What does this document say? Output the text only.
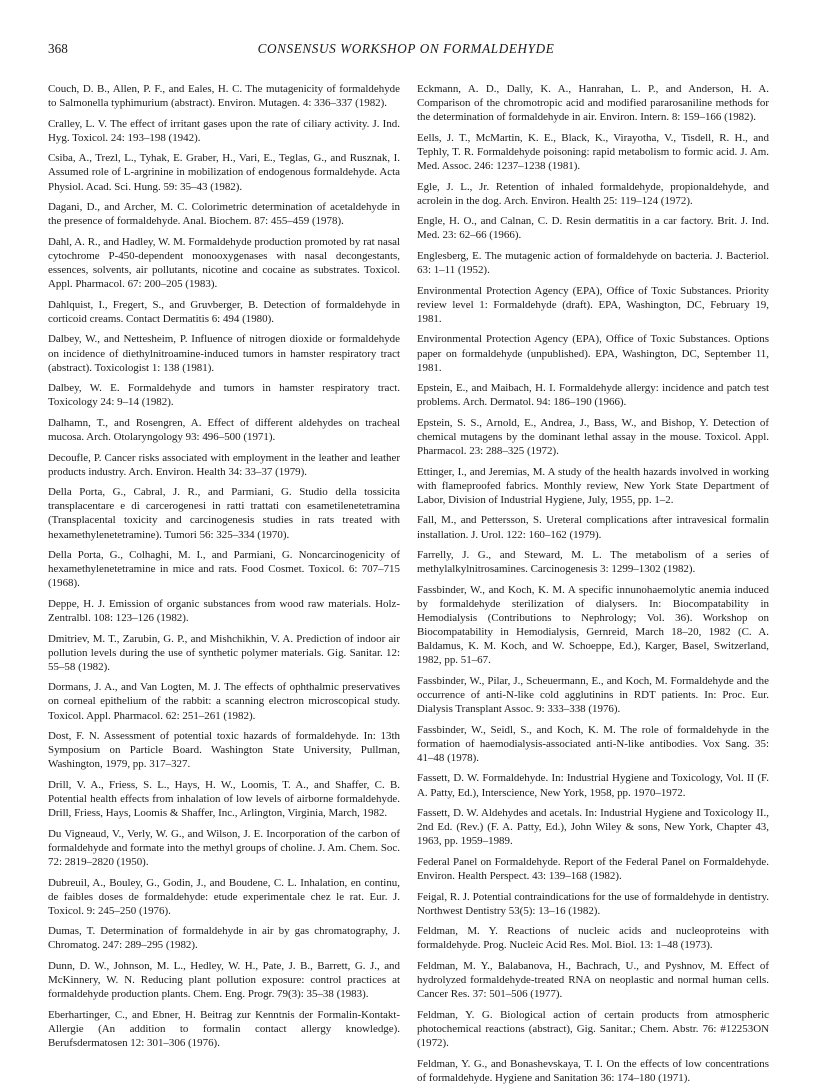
368	CONSENSUS WORKSHOP ON FORMALDEHYDE

Couch, D. B., Allen, P. F., and Eales, H. C. The mutagenicity of formaldehyde to Salmonella typhimurium (abstract). Environ. Mutagen. 4: 336–337 (1982).

Cralley, L. V. The effect of irritant gases upon the rate of ciliary activity. J. Ind. Hyg. Toxicol. 24: 193–198 (1942).

Csiba, A., Trezl, L., Tyhak, E. Graber, H., Vari, E., Teglas, G., and Rusznak, I. Assumed role of L-argrinine in mobilization of endogenous formaldehyde. Acta Physiol. Acad. Sci. Hung. 59: 35–43 (1982).

Dagani, D., and Archer, M. C. Colorimetric determination of acetaldehyde in the presence of formaldehyde. Anal. Biochem. 87: 455–459 (1978).

Dahl, A. R., and Hadley, W. M. Formaldehyde production promoted by rat nasal cytochrome P-450-dependent monooxygenases with nasal decongestants, essences, solvents, air pollutants, nicotine and cocaine as substrates. Toxicol. Appl. Pharmacol. 67: 200–205 (1983).

Dahlquist, I., Fregert, S., and Gruvberger, B. Detection of formaldehyde in corticoid creams. Contact Dermatitis 6: 494 (1980).

Dalbey, W., and Nettesheim, P. Influence of nitrogen dioxide or formaldehyde on incidence of diethylnitroamine-induced tumors in hamster respiratory tract (abstract). Toxicologist 1: 138 (1981).

Dalbey, W. E. Formaldehyde and tumors in hamster respiratory tract. Toxicology 24: 9–14 (1982).

Dalhamn, T., and Rosengren, A. Effect of different aldehydes on tracheal mucosa. Arch. Otolaryngology 93: 496–500 (1971).

Decoufle, P. Cancer risks associated with employment in the leather and leather products industry. Arch. Environ. Health 34: 33–37 (1979).

Della Porta, G., Cabral, J. R., and Parmiani, G. Studio della tossicita transplacentare e di carcerogenesi in ratti trattati con esametilenetetramina (Transplacental toxicity and carcinogenesis studies in rats treated with hexamethylenetetramine). Tumori 56: 325–334 (1970).

Della Porta, G., Colhaghi, M. I., and Parmiani, G. Noncarcinogenicity of hexamethylenetetramine in mice and rats. Food Cosmet. Toxicol. 6: 707–715 (1968).

Deppe, H. J. Emission of organic substances from wood raw materials. Holz-Zentralbl. 108: 123–126 (1982).

Dmitriev, M. T., Zarubin, G. P., and Mishchikhin, V. A. Prediction of indoor air pollution levels during the use of synthetic polymer materials. Gig. Sanitar. 12: 55–58 (1982).

Dormans, J. A., and Van Logten, M. J. The effects of ophthalmic preservatives on corneal epithelium of the rabbit: a scanning electron microscopical study. Toxicol. Appl. Pharmacol. 62: 251–261 (1982).

Dost, F. N. Assessment of potential toxic hazards of formaldehyde. In: 13th Symposium on Particle Board. Washington State University, Pullman, Washington, 1979, pp. 317–327.

Drill, V. A., Friess, S. L., Hays, H. W., Loomis, T. A., and Shaffer, C. B. Potential health effects from inhalation of low levels of airborne formaldehyde. Drill, Friess, Hays, Loomis & Shaffer, Inc., Arlington, Virginia, March, 1982.

Du Vigneaud, V., Verly, W. G., and Wilson, J. E. Incorporation of the carbon of formaldehyde and formate into the methyl groups of choline. J. Am. Chem. Soc. 72: 2819–2820 (1950).

Dubreuil, A., Bouley, G., Godin, J., and Boudene, C. L. Inhalation, en continu, de faibles doses de formaldehyde: etude experimentale chez le rat. Eur. J. Toxicol. 9: 245–250 (1976).

Dumas, T. Determination of formaldehyde in air by gas chromatography, J. Chromatog. 247: 289–295 (1982).

Dunn, D. W., Johnson, M. L., Hedley, W. H., Pate, J. B., Barrett, G. J., and McKinnery, W. N. Reducing plant pollution exposure: control practices at formaldehyde production plants. Chem. Eng. Progr. 79(3): 35–38 (1983).

Eberhartinger, C., and Ebner, H. Beitrag zur Kenntnis der Formalin-Kontakt-Allergie (An addition to formalin contact allergy knowledge). Berufsdermatosen 12: 301–306 (1976).

Eckmann, A. D., Dally, K. A., Hanrahan, L. P., and Anderson, H. A. Comparison of the chromotropic acid and modified pararosaniline methods for the determination of formaldehyde in air. Environ. Intern. 8: 159–166 (1982).

Eells, J. T., McMartin, K. E., Black, K., Virayotha, V., Tisdell, R. H., and Tephly, T. R. Formaldehyde poisoning: rapid metabolism to formic acid. J. Am. Med. Assoc. 246: 1237–1238 (1981).

Egle, J. L., Jr. Retention of inhaled formaldehyde, propionaldehyde, and acrolein in the dog. Arch. Environ. Health 25: 119–124 (1972).

Engle, H. O., and Calnan, C. D. Resin dermatitis in a car factory. Brit. J. Ind. Med. 23: 62–66 (1966).

Englesberg, E. The mutagenic action of formaldehyde on bacteria. J. Bacteriol. 63: 1–11 (1952).

Environmental Protection Agency (EPA), Office of Toxic Substances. Priority review level 1: Formaldehyde (draft). EPA, Washington, DC, February 19, 1981.

Environmental Protection Agency (EPA), Office of Toxic Substances. Options paper on formaldehyde (unpublished). EPA, Washington, DC, September 11, 1981.

Epstein, E., and Maibach, H. I. Formaldehyde allergy: incidence and patch test problems. Arch. Dermatol. 94: 186–190 (1966).

Epstein, S. S., Arnold, E., Andrea, J., Bass, W., and Bishop, Y. Detection of chemical mutagens by the dominant lethal assay in the mouse. Toxicol. Appl. Pharmacol. 23: 288–325 (1972).

Ettinger, I., and Jeremias, M. A study of the health hazards involved in working with flameproofed fabrics. Monthly review, New York State Department of Labor, Division of Industrial Hygiene, July, 1955, pp. 1–2.

Fall, M., and Pettersson, S. Ureteral complications after intravesical formalin installation. J. Urol. 122: 160–162 (1979).

Farrelly, J. G., and Steward, M. L. The metabolism of a series of methylalkylnitrosamines. Carcinogenesis 3: 1299–1302 (1982).

Fassbinder, W., and Koch, K. M. A specific innunohaemolytic anemia induced by formaldehyde sterilization of dialysers. In: Biocompatability in Hemodialysis (Contributions to Nephrology; Vol. 36). Workshop on Biocompatability in Hemodialysis, Gernreid, March 18–20, 1982 (C. A. Baldamus, K. M. Koch, and W. Schoeppe, Ed.), Karger, Basel, Switzerland, 1982, pp. 51–67.

Fassbinder, W., Pilar, J., Scheuermann, E., and Koch, M. Formaldehyde and the occurrence of anti-N-like cold agglutinins in RDT patients. In: Proc. Eur. Dialysis Transplant Assoc. 9: 333–338 (1976).

Fassbinder, W., Seidl, S., and Koch, K. M. The role of formaldehyde in the formation of haemodialysis-associated anti-N-like antibodies. Vox Sang. 35: 41–48 (1978).

Fassett, D. W. Formaldehyde. In: Industrial Hygiene and Toxicology, Vol. II (F. A. Patty, Ed.), Interscience, New York, 1958, pp. 1970–1972.

Fassett, D. W. Aldehydes and acetals. In: Industrial Hygiene and Toxicology II., 2nd Ed. (Rev.) (F. A. Patty, Ed.), John Wiley & sons, New York, Chapter 43, 1963, pp. 1959–1989.

Federal Panel on Formaldehyde. Report of the Federal Panel on Formaldehyde. Environ. Health Perspect. 43: 139–168 (1982).

Feigal, R. J. Potential contraindications for the use of formaldehyde in dentistry. Northwest Dentistry 53(5): 13–16 (1982).

Feldman, M. Y. Reactions of nucleic acids and nucleoproteins with formaldehyde. Prog. Nucleic Acid Res. Mol. Biol. 13: 1–48 (1973).

Feldman, M. Y., Balabanova, H., Bachrach, U., and Pyshnov, M. Effect of hydrolyzed formaldehyde-treated RNA on neoplastic and normal human cells. Cancer Res. 37: 501–506 (1977).

Feldman, Y. G. Biological action of certain products from atmospheric photochemical reactions (abstract), Gig. Sanitar.; Chem. Abstr. 76: #12253ON (1972).

Feldman, Y. G., and Bonashevskaya, T. I. On the effects of low concentrations of formaldehyde. Hygiene and Sanitation 36: 174–180 (1971).
